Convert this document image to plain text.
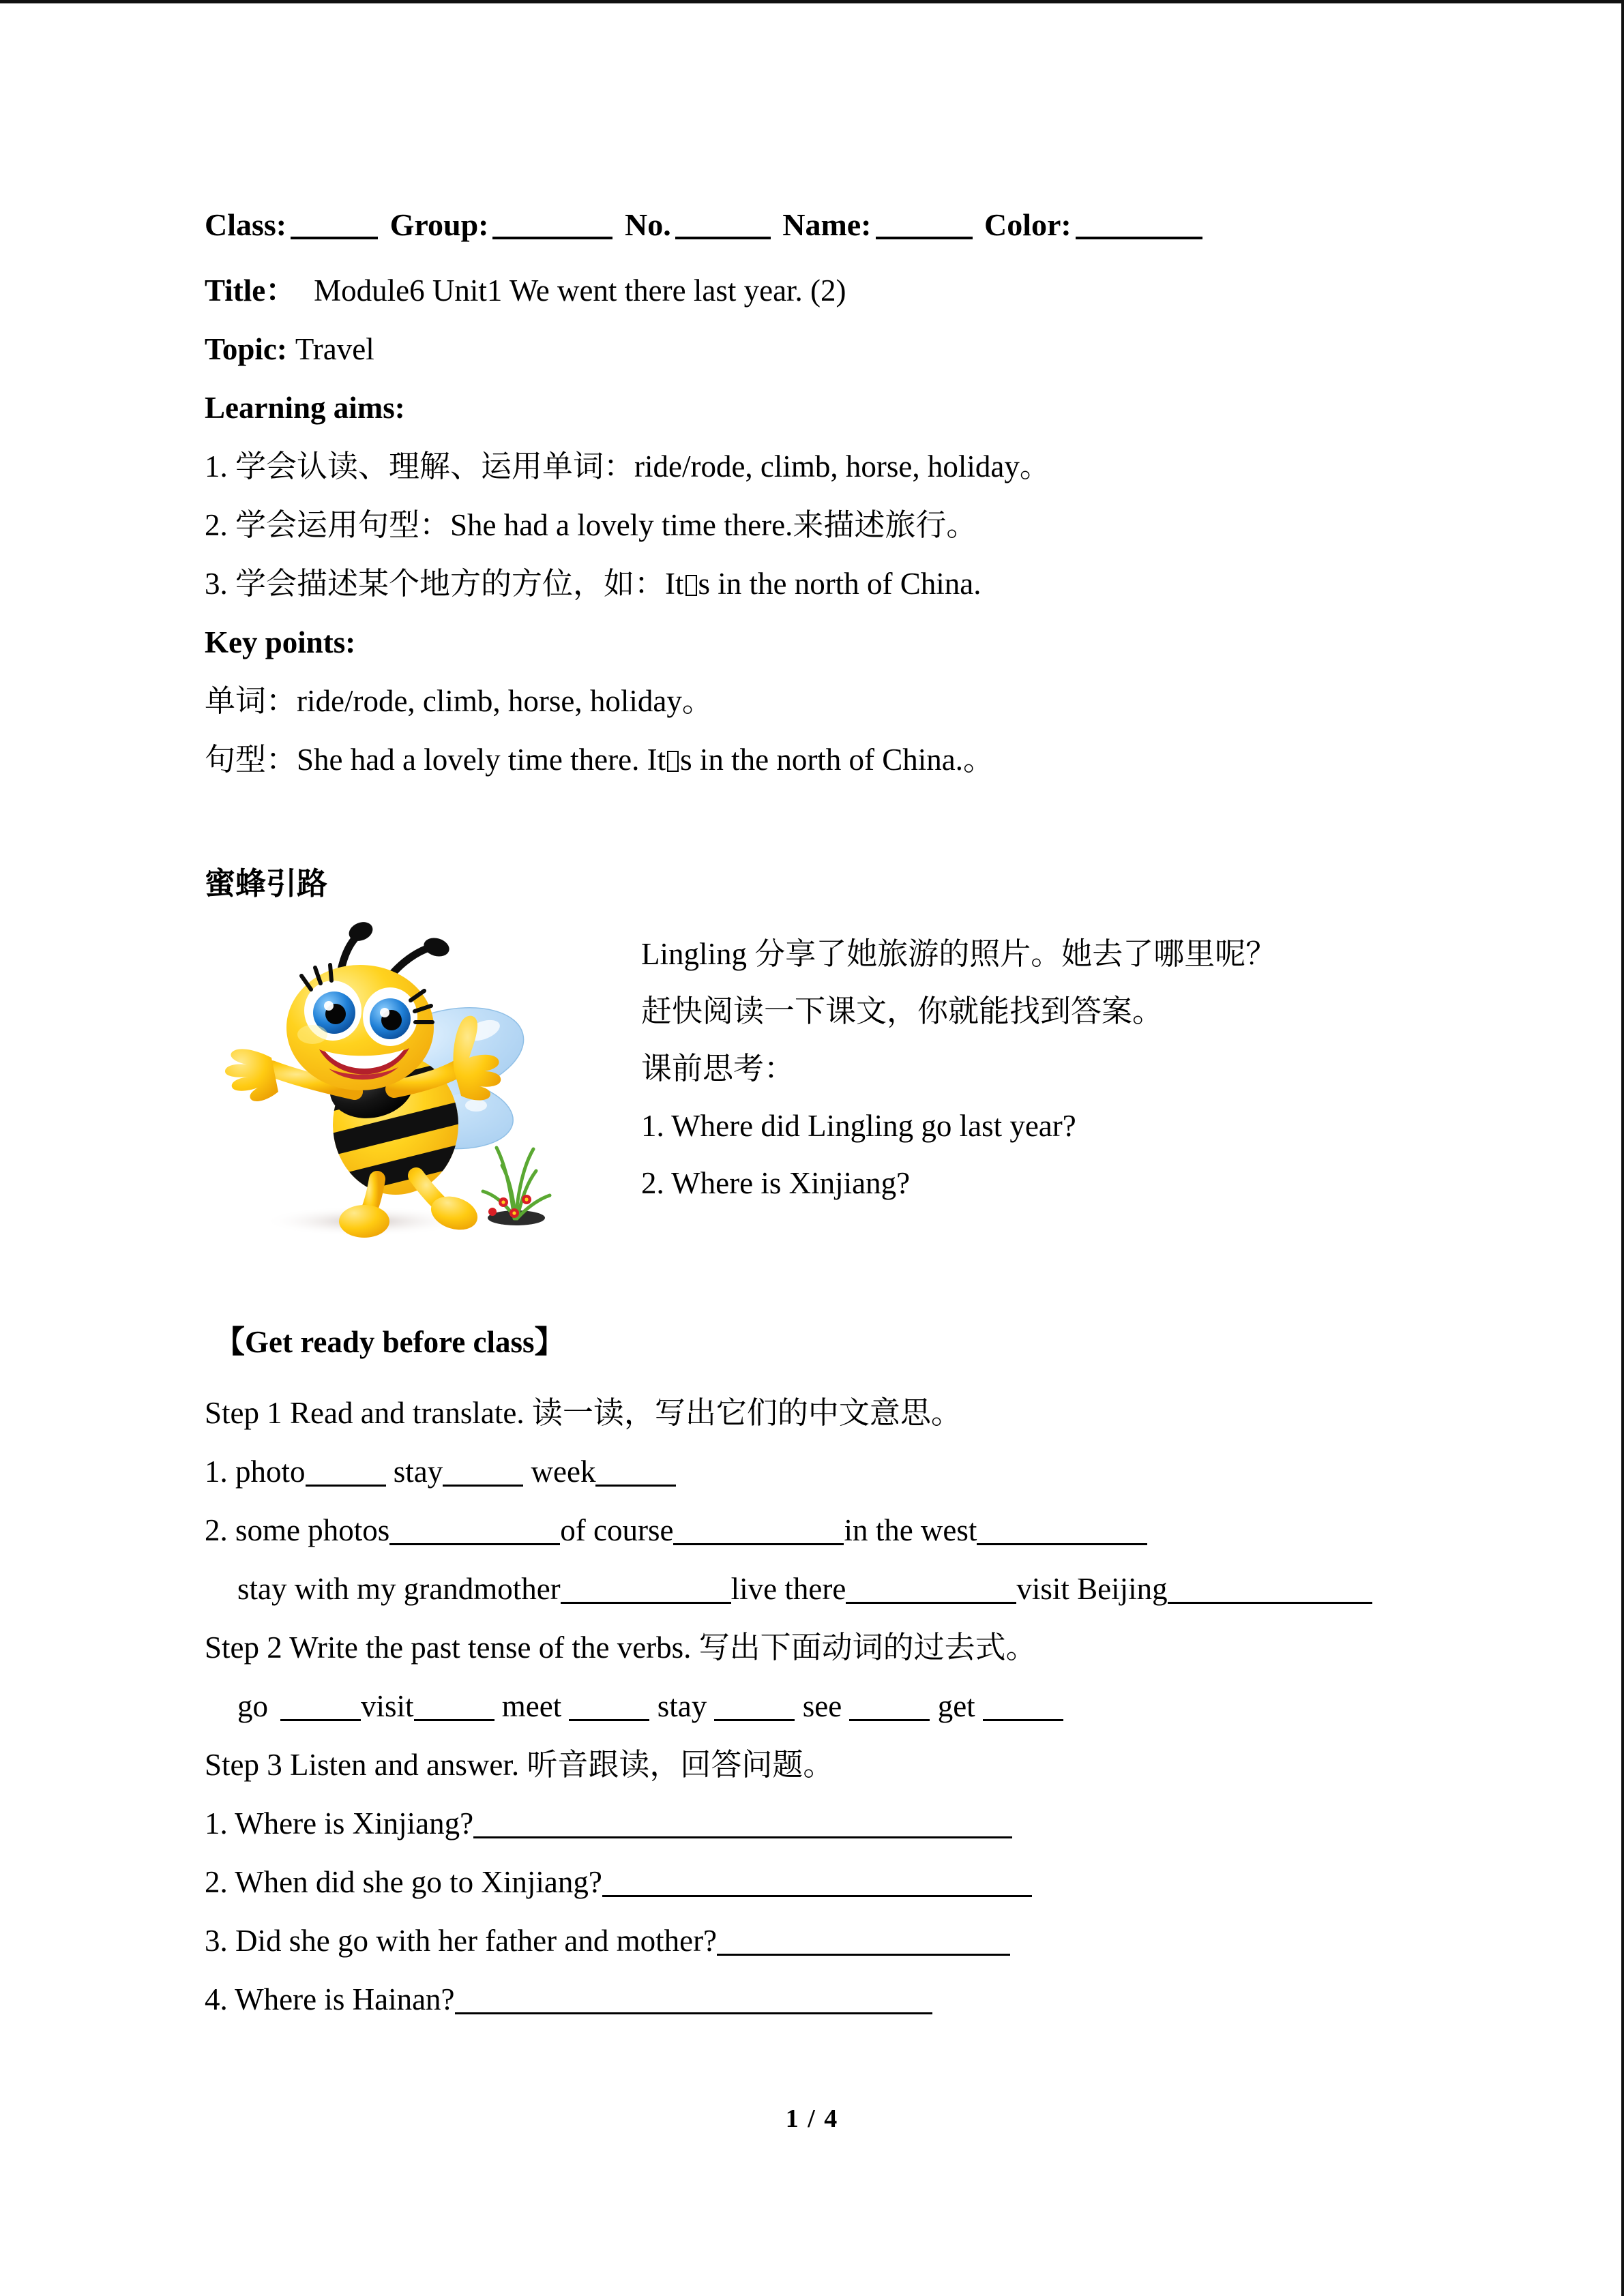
Class:	Group:	No.	Name:	Color:
Title： Module6 Unit1 We went there last year. (2)
Topic: Travel
Learning aims:
1. 学会认读、理解、运用单词：ride/rode, climb, horse, holiday。
2. 学会运用句型：She had a lovely time there.来描述旅行。
3. 学会描述某个地方的方位，如：It s in the north of China.
Key points:
单词：ride/rode, climb, horse, holiday。
句型：She had a lovely time there. It s in the north of China.。
蜜蜂引路
Lingling 分享了她旅游的照片。她去了哪里呢？
赶快阅读一下课文，你就能找到答案。
课前思考：
1. Where did Lingling go last year?
2. Where is Xinjiang?
【Get ready before class】
Step 1 Read and translate. 读一读，写出它们的中文意思。
1. photo	stay	week
2. some photos	of course	in the west
stay with my grandmother	live there	visit Beijing
Step 2 Write the past tense of the verbs. 写出下面动词的过去式。
go	visit	meet	stay	see	get
Step 3 Listen and answer. 听音跟读，回答问题。
1. Where is Xinjiang?
2. When did she go to Xinjiang?
3. Did she go with her father and mother?
4. Where is Hainan?
1 / 4
